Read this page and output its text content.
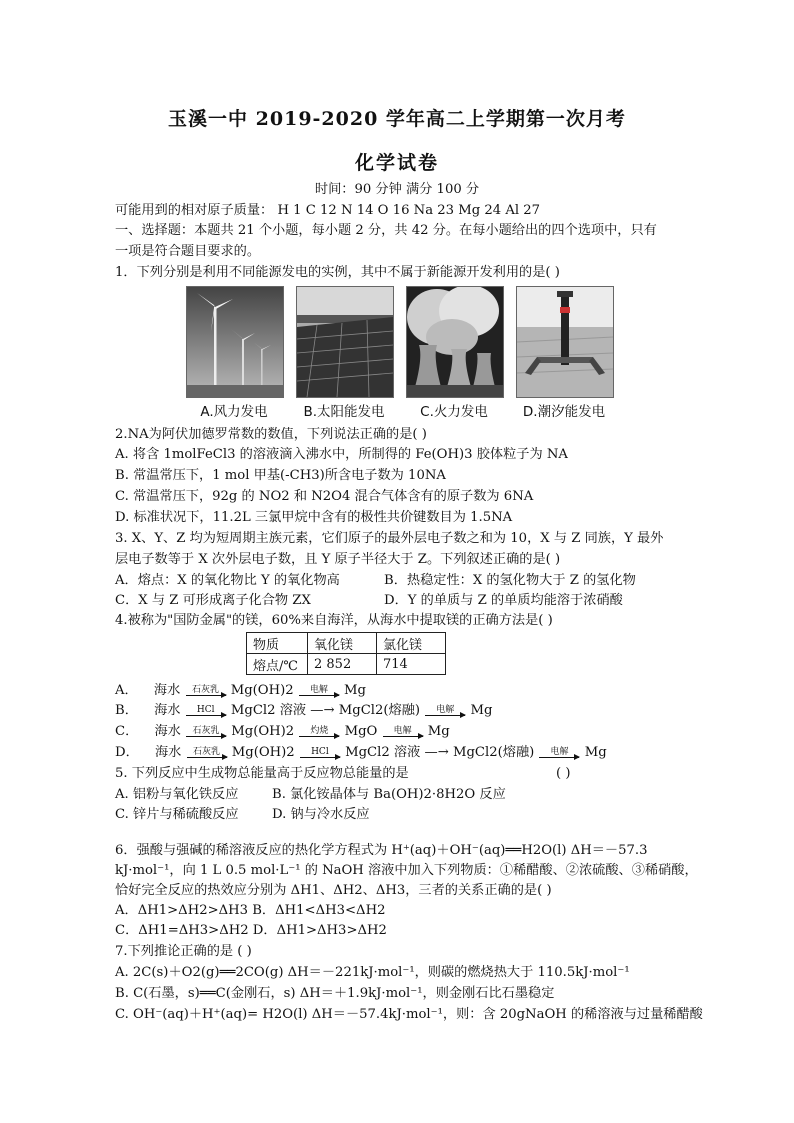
玉溪一中 2019-2020 学年高二上学期第一次月考
化学试卷
时间：90 分钟 满分 100 分
可能用到的相对原子质量： H 1 C 12 N 14 O 16 Na 23 Mg 24 Al 27
一、选择题：本题共 21 个小题，每小题 2 分，共 42 分。在每小题给出的四个选项中，只有
一项是符合题目要求的。
1．下列分别是利用不同能源发电的实例，其中不属于新能源开发利用的是( )
A.风力发电	B.太阳能发电	C.火力发电	D.潮汐能发电
2.NA为阿伏加德罗常数的数值，下列说法正确的是( )
A. 将含 1molFeCl3 的溶液滴入沸水中，所制得的 Fe(OH)3 胶体粒子为 NA
B. 常温常压下，1 mol 甲基(-CH3)所含电子数为 10NA
C. 常温常压下，92g 的 NO2 和 N2O4 混合气体含有的原子数为 6NA
D. 标准状况下，11.2L 三氯甲烷中含有的极性共价键数目为 1.5NA
3. X、Y、Z 均为短周期主族元素，它们原子的最外层电子数之和为 10，X 与 Z 同族，Y 最外
层电子数等于 X 次外层电子数，且 Y 原子半径大于 Z。下列叙述正确的是( )
A．熔点：X 的氧化物比 Y 的氧化物高	B．热稳定性：X 的氢化物大于 Z 的氢化物
C．X 与 Z 可形成离子化合物 ZX	D．Y 的单质与 Z 的单质均能溶于浓硝酸
4.被称为"国防金属"的镁，60%来自海洋，从海水中提取镁的正确方法是( )
物质	氧化镁	氯化镁
熔点/℃	2 852	714
A． 海水	石灰乳 Mg(OH)2	电解	Mg
B． 海水	HCl	MgCl2 溶液 —→ MgCl2(熔融)	电解	Mg
C． 海水	石灰乳 Mg(OH)2	灼烧	MgO	电解	Mg
D． 海水	石灰乳 Mg(OH)2	HCl	MgCl2 溶液 —→ MgCl2(熔融)	电解	Mg
5. 下列反应中生成物总能量高于反应物总能量的是	( )
A. 铝粉与氧化铁反应	B. 氯化铵晶体与 Ba(OH)2·8H2O 反应
C. 锌片与稀硫酸反应	D. 钠与冷水反应
6．强酸与强碱的稀溶液反应的热化学方程式为 H⁺(aq)＋OH⁻(aq)══H2O(l) ΔH＝－57.3
kJ·mol⁻¹，向 1 L 0.5 mol·L⁻¹ 的 NaOH 溶液中加入下列物质：①稀醋酸、②浓硫酸、③稀硝酸，
恰好完全反应的热效应分别为 ΔH1、ΔH2、ΔH3，三者的关系正确的是( )
A．ΔH1>ΔH2>ΔH3 B．ΔH1<ΔH3<ΔH2
C．ΔH1=ΔH3>ΔH2 D．ΔH1>ΔH3>ΔH2
7.下列推论正确的是 ( )
A. 2C(s)＋O2(g)══2CO(g) ΔH＝－221kJ·mol⁻¹，则碳的燃烧热大于 110.5kJ·mol⁻¹
B. C(石墨，s)══C(金刚石，s) ΔH＝＋1.9kJ·mol⁻¹，则金刚石比石墨稳定
C. OH⁻(aq)＋H⁺(aq)= H2O(l) ΔH＝－57.4kJ·mol⁻¹，则：含 20gNaOH 的稀溶液与过量稀醋酸
